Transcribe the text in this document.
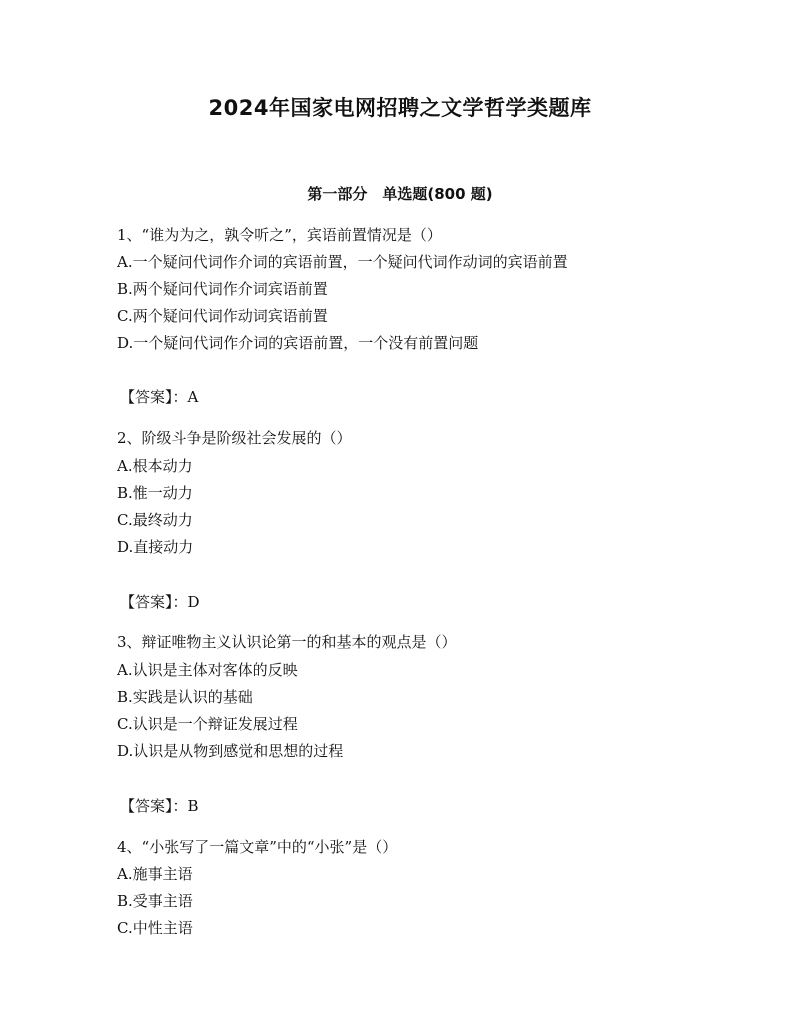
2024年国家电网招聘之文学哲学类题库
第一部分　单选题(800 题)

1、“谁为为之，孰令听之”，宾语前置情况是（）

A.一个疑问代词作介词的宾语前置，一个疑问代词作动词的宾语前置

B.两个疑问代词作介词宾语前置

C.两个疑问代词作动词宾语前置

D.一个疑问代词作介词的宾语前置，一个没有前置问题

【答案】：A

2、阶级斗争是阶级社会发展的（）

A.根本动力

B.惟一动力

C.最终动力

D.直接动力

【答案】：D

3、辩证唯物主义认识论第一的和基本的观点是（）

A.认识是主体对客体的反映

B.实践是认识的基础

C.认识是一个辩证发展过程

D.认识是从物到感觉和思想的过程

【答案】：B

4、“小张写了一篇文章”中的“小张”是（）

A.施事主语

B.受事主语

C.中性主语
